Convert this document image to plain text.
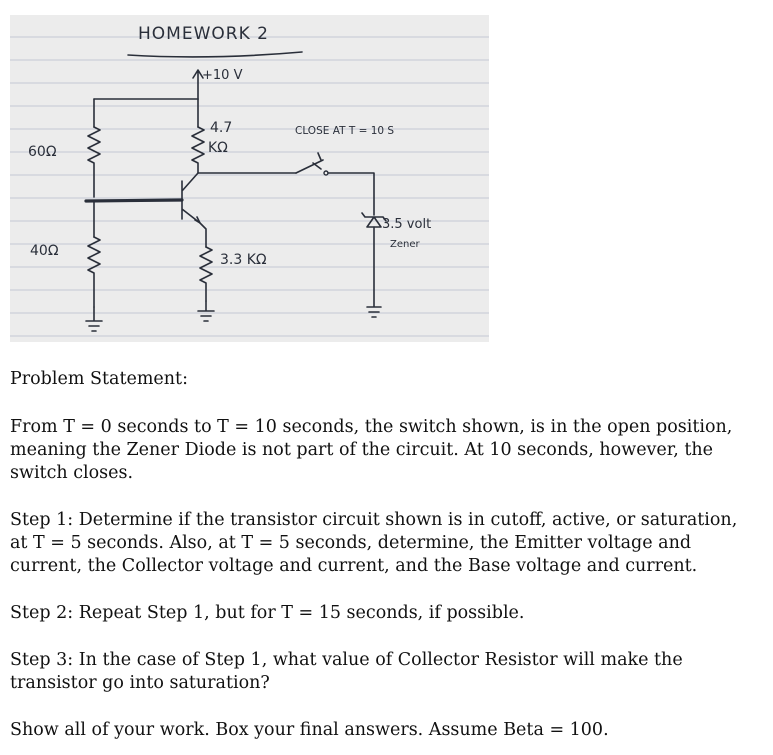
HOMEWORK 2
+10 V
60Ω
40Ω
4.7
KΩ
CLOSE AT T = 10 S
3.5 volt
Zener
3.3 KΩ

Problem Statement:

From T = 0 seconds to T = 10 seconds, the switch shown, is in the open position, meaning the Zener Diode is not part of the circuit. At 10 seconds, however, the switch closes.

Step 1: Determine if the transistor circuit shown is in cutoff, active, or saturation, at T = 5 seconds. Also, at T = 5 seconds, determine, the Emitter voltage and current, the Collector voltage and current, and the Base voltage and current.

Step 2: Repeat Step 1, but for T = 15 seconds, if possible.

Step 3: In the case of Step 1, what value of Collector Resistor will make the transistor go into saturation?

Show all of your work. Box your final answers. Assume Beta = 100.
